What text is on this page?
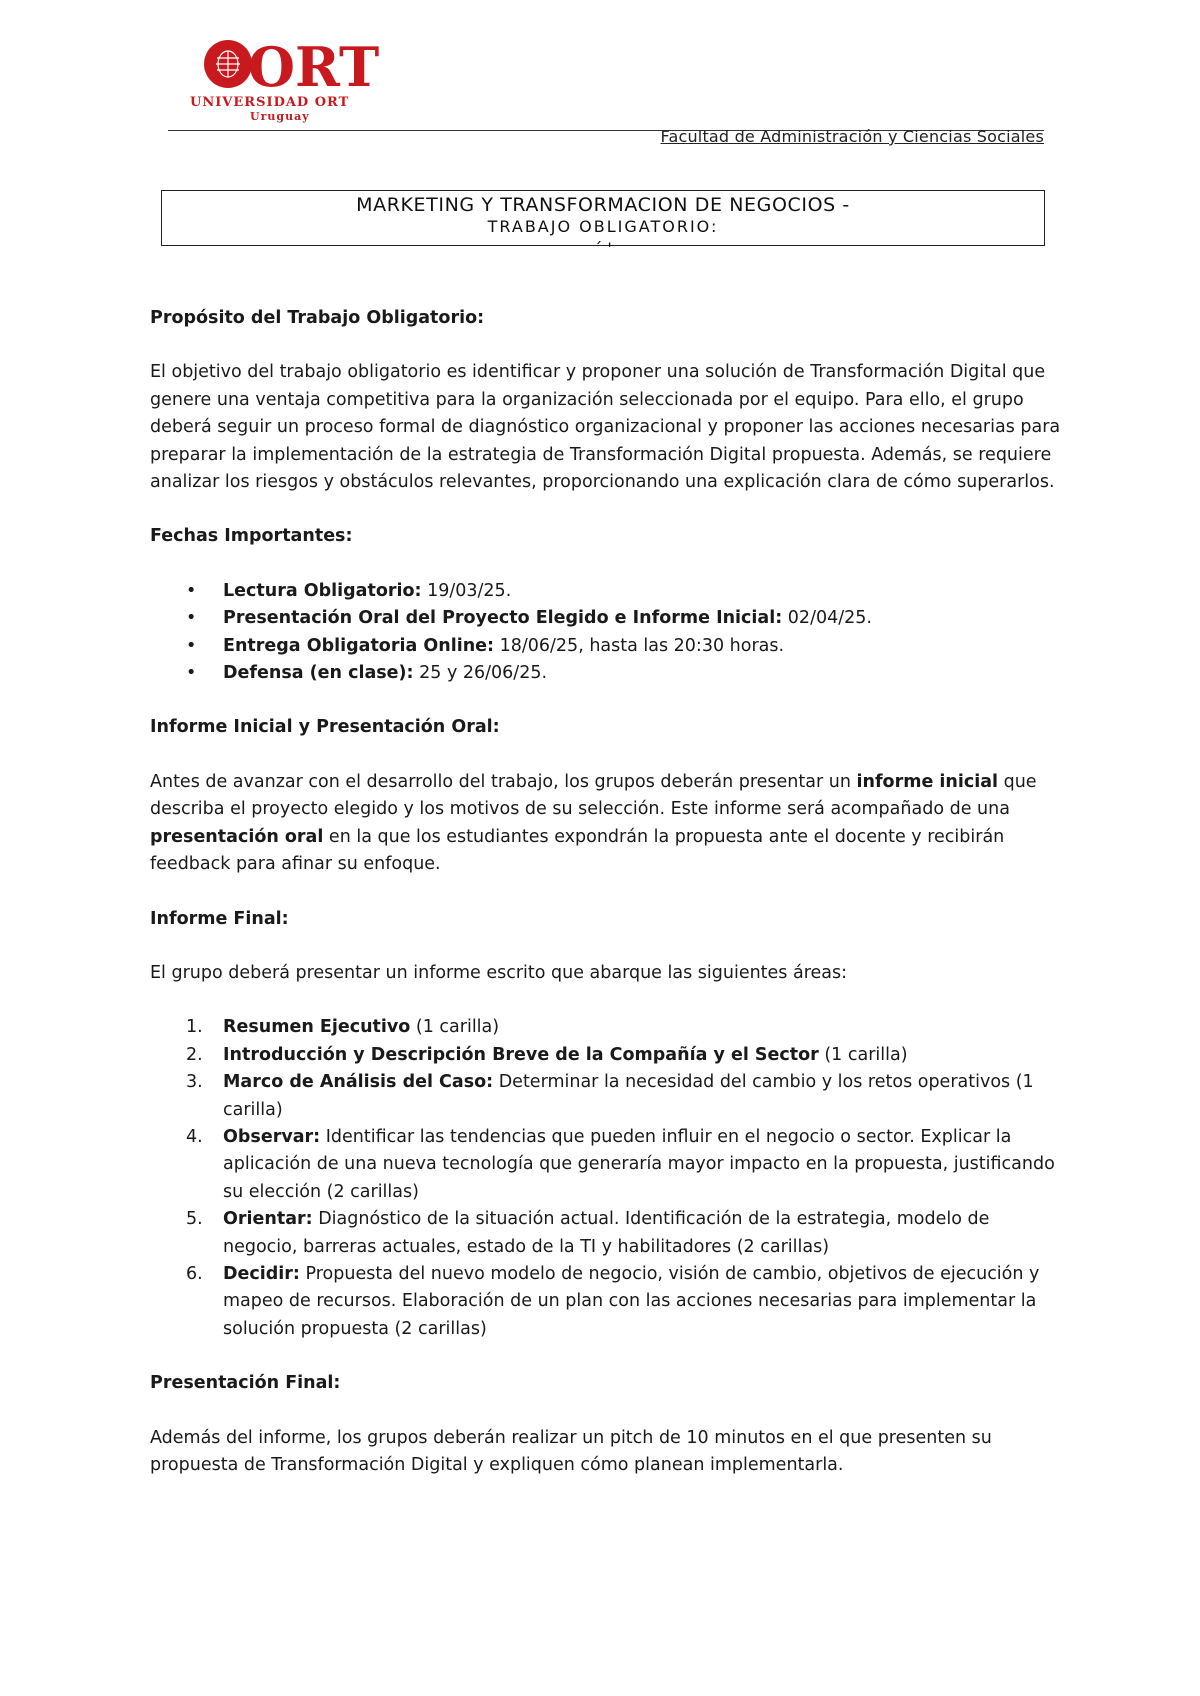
ORT
UNIVERSIDAD ORT
Uruguay
Facultad de Administración y Ciencias Sociales
MARKETING Y TRANSFORMACION DE NEGOCIOS -
TRABAJO OBLIGATORIO:
´ '
Propósito del Trabajo Obligatorio:

El objetivo del trabajo obligatorio es identificar y proponer una solución de Transformación Digital que genere una ventaja competitiva para la organización seleccionada por el equipo. Para ello, el grupo deberá seguir un proceso formal de diagnóstico organizacional y proponer las acciones necesarias para preparar la implementación de la estrategia de Transformación Digital propuesta. Además, se requiere analizar los riesgos y obstáculos relevantes, proporcionando una explicación clara de cómo superarlos.

Fechas Importantes:
• Lectura Obligatorio: 19/03/25.
• Presentación Oral del Proyecto Elegido e Informe Inicial: 02/04/25.
• Entrega Obligatoria Online: 18/06/25, hasta las 20:30 horas.
• Defensa (en clase): 25 y 26/06/25.
Informe Inicial y Presentación Oral:

Antes de avanzar con el desarrollo del trabajo, los grupos deberán presentar un informe inicial que describa el proyecto elegido y los motivos de su selección. Este informe será acompañado de una presentación oral en la que los estudiantes expondrán la propuesta ante el docente y recibirán feedback para afinar su enfoque.

Informe Final:

El grupo deberá presentar un informe escrito que abarque las siguientes áreas:

1. Resumen Ejecutivo (1 carilla)
2. Introducción y Descripción Breve de la Compañía y el Sector (1 carilla)
3. Marco de Análisis del Caso: Determinar la necesidad del cambio y los retos operativos (1 carilla)
4. Observar: Identificar las tendencias que pueden influir en el negocio o sector. Explicar la aplicación de una nueva tecnología que generaría mayor impacto en la propuesta, justificando su elección (2 carillas)
5. Orientar: Diagnóstico de la situación actual. Identificación de la estrategia, modelo de negocio, barreras actuales, estado de la TI y habilitadores (2 carillas)
6. Decidir: Propuesta del nuevo modelo de negocio, visión de cambio, objetivos de ejecución y mapeo de recursos. Elaboración de un plan con las acciones necesarias para implementar la solución propuesta (2 carillas)
Presentación Final:

Además del informe, los grupos deberán realizar un pitch de 10 minutos en el que presenten su propuesta de Transformación Digital y expliquen cómo planean implementarla.
